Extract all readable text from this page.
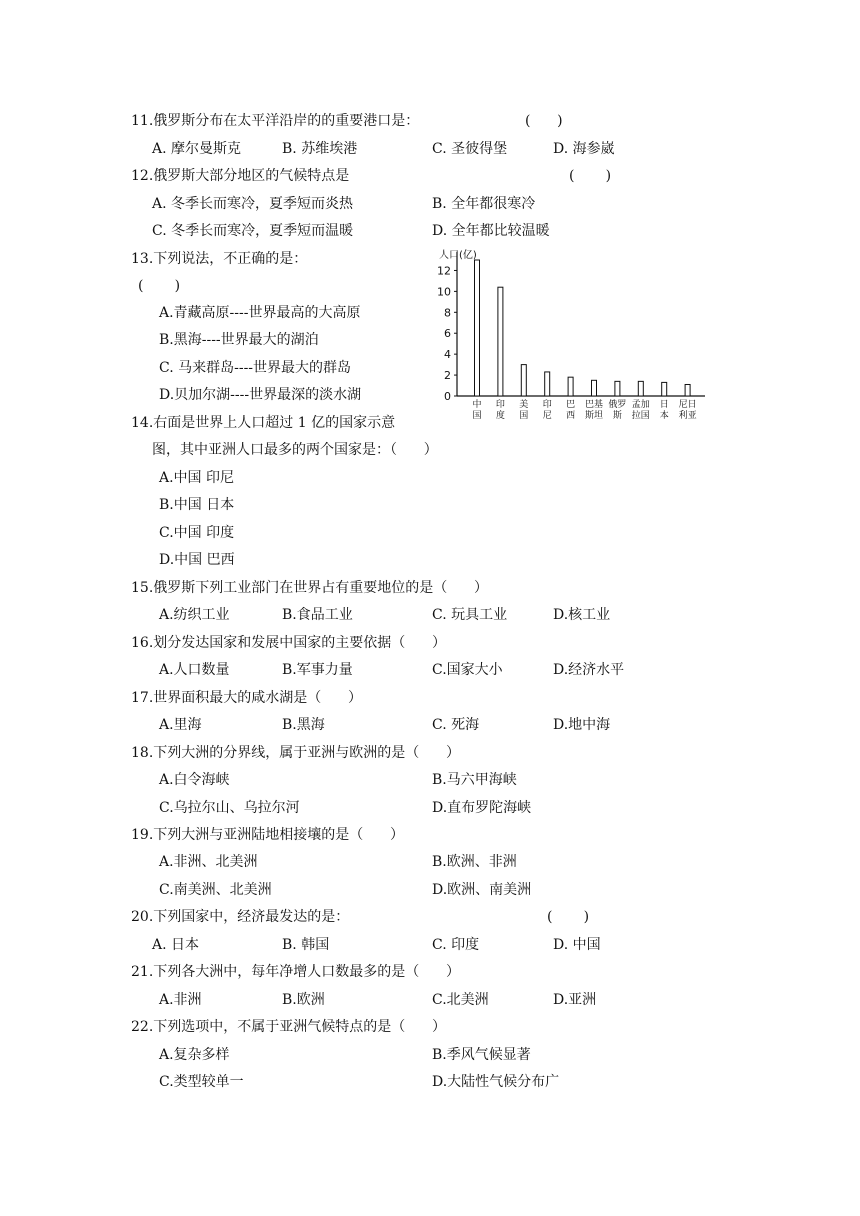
11.俄罗斯分布在太平洋沿岸的的重要港口是：	(      )
A. 摩尔曼斯克	B. 苏维埃港	C. 圣彼得堡	D. 海参崴
12.俄罗斯大部分地区的气候特点是	(       )
A. 冬季长而寒冷，夏季短而炎热	B. 全年都很寒冷
C. 冬季长而寒冷，夏季短而温暖	D. 全年都比较温暖
13.下列说法，不正确的是：
(       )
A.青藏高原----世界最高的大高原
B.黑海----世界最大的湖泊
C. 马来群岛----世界最大的群岛
D.贝加尔湖----世界最深的淡水湖
人口(亿)
0
2
4
6
8
10
12
中
国
印
度
美
国
印
尼
巴
西
巴基
斯坦
俄罗
斯
孟加
拉国
日
本
尼日
利亚
14.右面是世界上人口超过 1 亿的国家示意
图，其中亚洲人口最多的两个国家是：（      ）
A.中国 印尼
B.中国 日本
C.中国 印度
D.中国 巴西
15.俄罗斯下列工业部门在世界占有重要地位的是（      ）
A.纺织工业	B.食品工业	C. 玩具工业	D.核工业
16.划分发达国家和发展中国家的主要依据（      ）
A.人口数量	B.军事力量	C.国家大小	D.经济水平
17.世界面积最大的咸水湖是（      ）
A.里海	B.黑海	C. 死海	D.地中海
18.下列大洲的分界线，属于亚洲与欧洲的是（      ）
A.白令海峡	B.马六甲海峡
C.乌拉尔山、乌拉尔河	D.直布罗陀海峡
19.下列大洲与亚洲陆地相接壤的是（      ）
A.非洲、北美洲	B.欧洲、非洲
C.南美洲、北美洲	D.欧洲、南美洲
20.下列国家中，经济最发达的是：	(       )
A. 日本	B. 韩国	C. 印度	D. 中国
21.下列各大洲中，每年净增人口数最多的是（      ）
A.非洲	B.欧洲	C.北美洲	D.亚洲
22.下列选项中，不属于亚洲气候特点的是（      ）
A.复杂多样	B.季风气候显著
C.类型较单一	D.大陆性气候分布广
